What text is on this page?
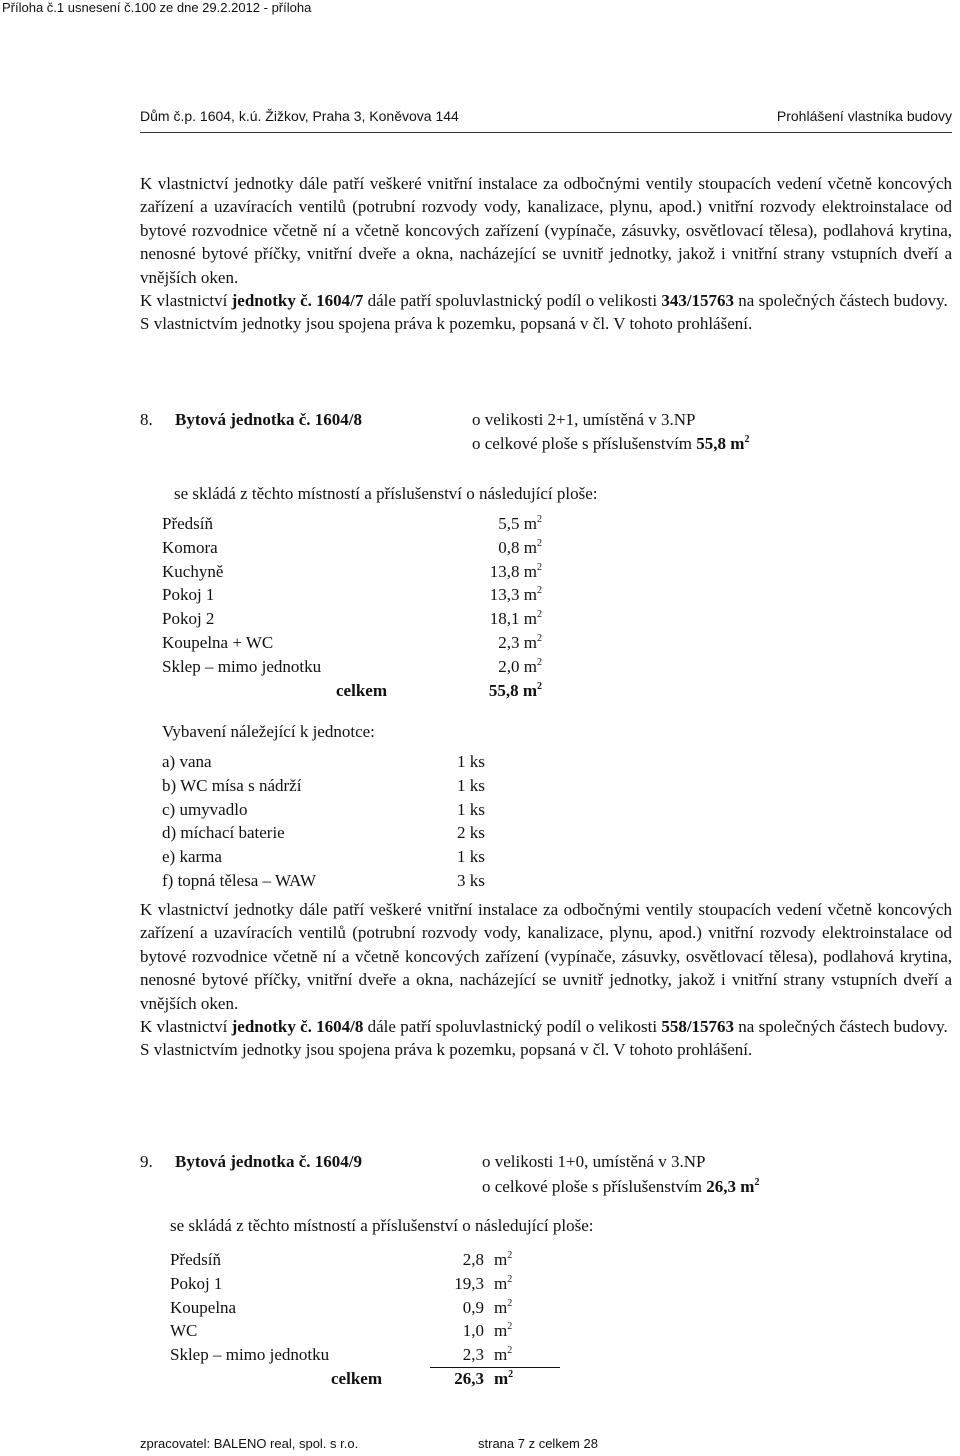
Příloha č.1 usnesení č.100 ze dne 29.2.2012 - příloha
Dům č.p. 1604, k.ú. Žižkov, Praha 3, Koněvova 144	Prohlášení vlastníka budovy

K vlastnictví jednotky dále patří veškeré vnitřní instalace za odbočnými ventily stoupacích vedení včetně koncových zařízení a uzavíracích ventilů (potrubní rozvody vody, kanalizace, plynu, apod.) vnitřní rozvody elektroinstalace od bytové rozvodnice včetně ní a včetně koncových zařízení (vypínače, zásuvky, osvětlovací tělesa), podlahová krytina, nenosné bytové příčky, vnitřní dveře a okna, nacházející se uvnitř jednotky, jakož i vnitřní strany vstupních dveří a vnějších oken.

K vlastnictví jednotky č. 1604/7 dále patří spoluvlastnický podíl o velikosti 343/15763 na společných částech budovy.

S vlastnictvím jednotky jsou spojena práva k pozemku, popsaná v čl. V tohoto prohlášení.

8. Bytová jednotka č. 1604/8	o velikosti 2+1, umístěná v 3.NP
o celkové ploše s příslušenstvím 55,8 $m^2$
se skládá z těchto místností a příslušenství o následující ploše:
Předsíň	5,5 $m^2$
Komora	0,8 $m^2$
Kuchyně	13,8 $m^2$
Pokoj 1	13,3 $m^2$
Pokoj 2	18,1 $m^2$
Koupelna + WC	2,3 $m^2$
Sklep – mimo jednotku	2,0 $m^2$
celkem	55,8 $m^2$
Vybavení náležející k jednotce:
a) vana	1 ks
b) WC mísa s nádrží	1 ks
c) umyvadlo	1 ks
d) míchací baterie	2 ks
e) karma	1 ks
f) topná tělesa – WAW	3 ks

K vlastnictví jednotky dále patří veškeré vnitřní instalace za odbočnými ventily stoupacích vedení včetně koncových zařízení a uzavíracích ventilů (potrubní rozvody vody, kanalizace, plynu, apod.) vnitřní rozvody elektroinstalace od bytové rozvodnice včetně ní a včetně koncových zařízení (vypínače, zásuvky, osvětlovací tělesa), podlahová krytina, nenosné bytové příčky, vnitřní dveře a okna, nacházející se uvnitř jednotky, jakož i vnitřní strany vstupních dveří a vnějších oken.

K vlastnictví jednotky č. 1604/8 dále patří spoluvlastnický podíl o velikosti 558/15763 na společných částech budovy.

S vlastnictvím jednotky jsou spojena práva k pozemku, popsaná v čl. V tohoto prohlášení.

9. Bytová jednotka č. 1604/9	o velikosti 1+0, umístěná v 3.NP
o celkové ploše s příslušenstvím 26,3 $m^2$
se skládá z těchto místností a příslušenství o následující ploše:
Předsíň	2,8 $m^2$
Pokoj 1	19,3 $m^2$
Koupelna	0,9 $m^2$
WC	1,0 $m^2$
Sklep – mimo jednotku	2,3 $m^2$
celkem	26,3 $m^2$
zpracovatel: BALENO real, spol. s r.o.	strana 7 z celkem 28
